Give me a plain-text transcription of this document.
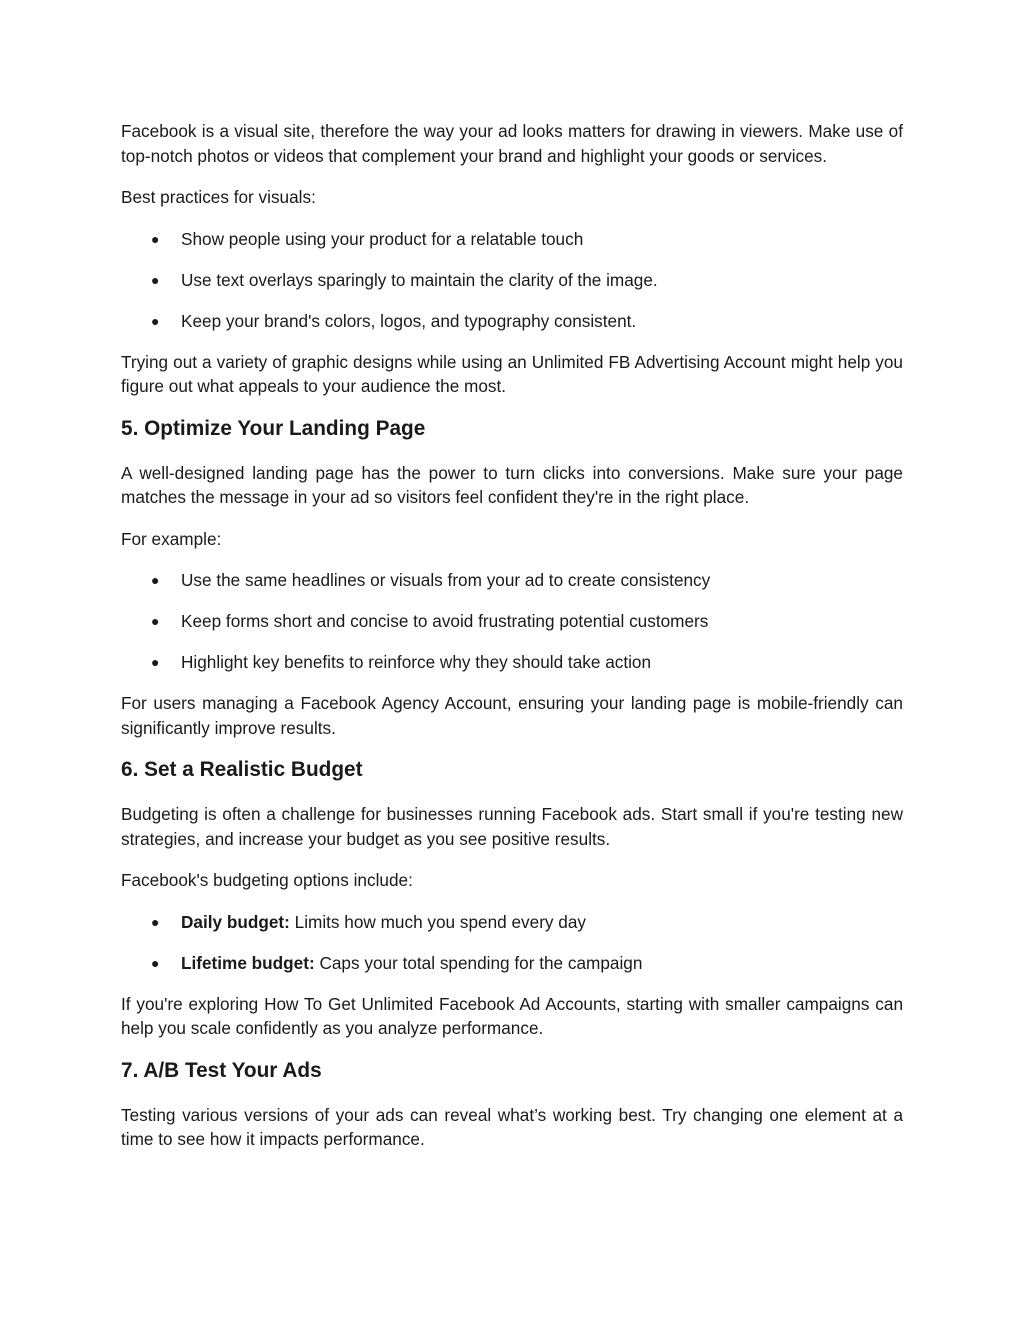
Facebook is a visual site, therefore the way your ad looks matters for drawing in viewers. Make use of top-notch photos or videos that complement your brand and highlight your goods or services.

Best practices for visuals:

● Show people using your product for a relatable touch
● Use text overlays sparingly to maintain the clarity of the image.
● Keep your brand's colors, logos, and typography consistent.

Trying out a variety of graphic designs while using an Unlimited FB Advertising Account might help you figure out what appeals to your audience the most.

5. Optimize Your Landing Page

A well-designed landing page has the power to turn clicks into conversions. Make sure your page matches the message in your ad so visitors feel confident they're in the right place.

For example:

● Use the same headlines or visuals from your ad to create consistency
● Keep forms short and concise to avoid frustrating potential customers
● Highlight key benefits to reinforce why they should take action

For users managing a Facebook Agency Account, ensuring your landing page is mobile-friendly can significantly improve results.

6. Set a Realistic Budget

Budgeting is often a challenge for businesses running Facebook ads. Start small if you're testing new strategies, and increase your budget as you see positive results.

Facebook's budgeting options include:

● Daily budget: Limits how much you spend every day
● Lifetime budget: Caps your total spending for the campaign

If you're exploring How To Get Unlimited Facebook Ad Accounts, starting with smaller campaigns can help you scale confidently as you analyze performance.

7. A/B Test Your Ads

Testing various versions of your ads can reveal what’s working best. Try changing one element at a time to see how it impacts performance.
